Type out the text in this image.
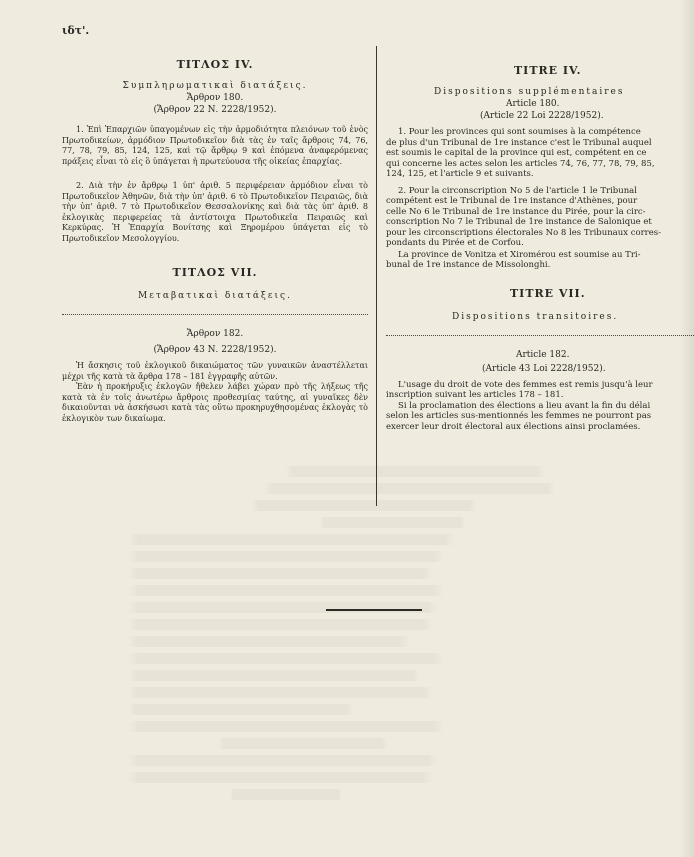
ιδτ'.
ΤΙΤΛΟΣ ΙV.
Συμπληρωματικαὶ διατάξεις.
Ἄρθρον 180.
(Ἄρθρον 22 Ν. 2228/1952).
1. Ἐπὶ Ἐπαρχιῶν ὑπαγομένων εἰς τὴν ἁρμοδιότητα πλειόνων τοῦ ἑνὸς Πρωτοδικείων, ἁρμόδιον Πρωτοδικεῖον διὰ τὰς ἐν ταῖς ἄρθροις 74, 76, 77, 78, 79, 85, 124, 125, καὶ τῷ ἄρθρῳ 9 καὶ ἐπόμενα ἀναφερόμενας πράξεις εἶναι τὸ εἰς ὃ ὑπάγεται ἡ πρωτεύουσα τῆς οἰκείας ἐπαρχίας.
2. Διὰ τὴν ἐν ἄρθρῳ 1 ὑπ' ἀριθ. 5 περιφέρειαν ἁρμόδιον εἶναι τὸ Πρωτοδικεῖον Ἀθηνῶν, διὰ τὴν ὑπ' ἀριθ. 6 τὸ Πρωτοδικεῖον Πειραιῶς, διὰ τὴν ὑπ' ἀριθ. 7 τὸ Πρωτοδικεῖον Θεσσαλονίκης καὶ διὰ τὰς ὑπ' ἀριθ. 8 ἐκλογικὰς περιφερείας τὰ ἀντίστοιχα Πρωτοδικεῖα Πειραιῶς καὶ Κερκύρας. Ἡ Ἐπαρχία Βονίτσης καὶ Ξηρομέρου ὑπάγεται εἰς τὸ Πρωτοδικεῖον Μεσολογγίου.
ΤΙΤΛΟΣ VII.
Μεταβατικαὶ διατάξεις.
Ἄρθρον 182.
(Ἄρθρον 43 Ν. 2228/1952).
Ἡ ἄσκησις τοῦ ἐκλογικοῦ δικαιώματος τῶν γυναικῶν ἀναστέλλεται μέχρι τῆς κατὰ τὰ ἄρθρα 178 – 181 ἐγγραφῆς αὐτῶν.
Ἐὰν ἡ προκήρυξις ἐκλογῶν ἤθελεν λάβει χώραν πρὸ τῆς λήξεως τῆς κατὰ τὰ ἐν τοῖς ἀνωτέρω ἄρθροις προθεσμίας ταύτης, αἱ γυναῖκες δὲν δικαιοῦνται νὰ ἀσκήσωσι κατὰ τὰς οὕτω προκηρυχθησομένας ἐκλογὰς τὸ ἐκλογικὸν των δικαίωμα.
TITRE IV.
Dispositions supplémentaires
Article 180.
(Article 22 Loi 2228/1952).
1. Pour les provinces qui sont soumises à la compétence
de plus d'un Tribunal de 1re instance c'est le Tribunal auquel
est soumis le capital de la province qui est, compétent en ce
qui concerne les actes selon les articles 74, 76, 77, 78, 79, 85,
124, 125, et l'article 9 et suivants.
2. Pour la circonscription No 5 de l'article 1 le Tribunal
compétent est le Tribunal de 1re instance d'Athènes, pour
celle No 6 le Tribunal de 1re instance du Pirée, pour la circ-
conscription No 7 le Tribunal de 1re instance de Salonique et
pour les circonscriptions électorales No 8 les Tribunaux corres-
pondants du Pirée et de Corfou.
La province de Vonitza et Xiromérou est soumise au Tri-
bunal de 1re instance de Missolonghi.
TITRE VII.
Dispositions transitoires.
Article 182.
(Article 43 Loi 2228/1952).
L'usage du droit de vote des femmes est remis jusqu'à leur
inscription suivant les articles 178 – 181.
Si la proclamation des élections a lieu avant la fin du délai
selon les articles sus-mentionnés les femmes ne pourront pas
exercer leur droit électoral aux élections ainsi proclamées.
